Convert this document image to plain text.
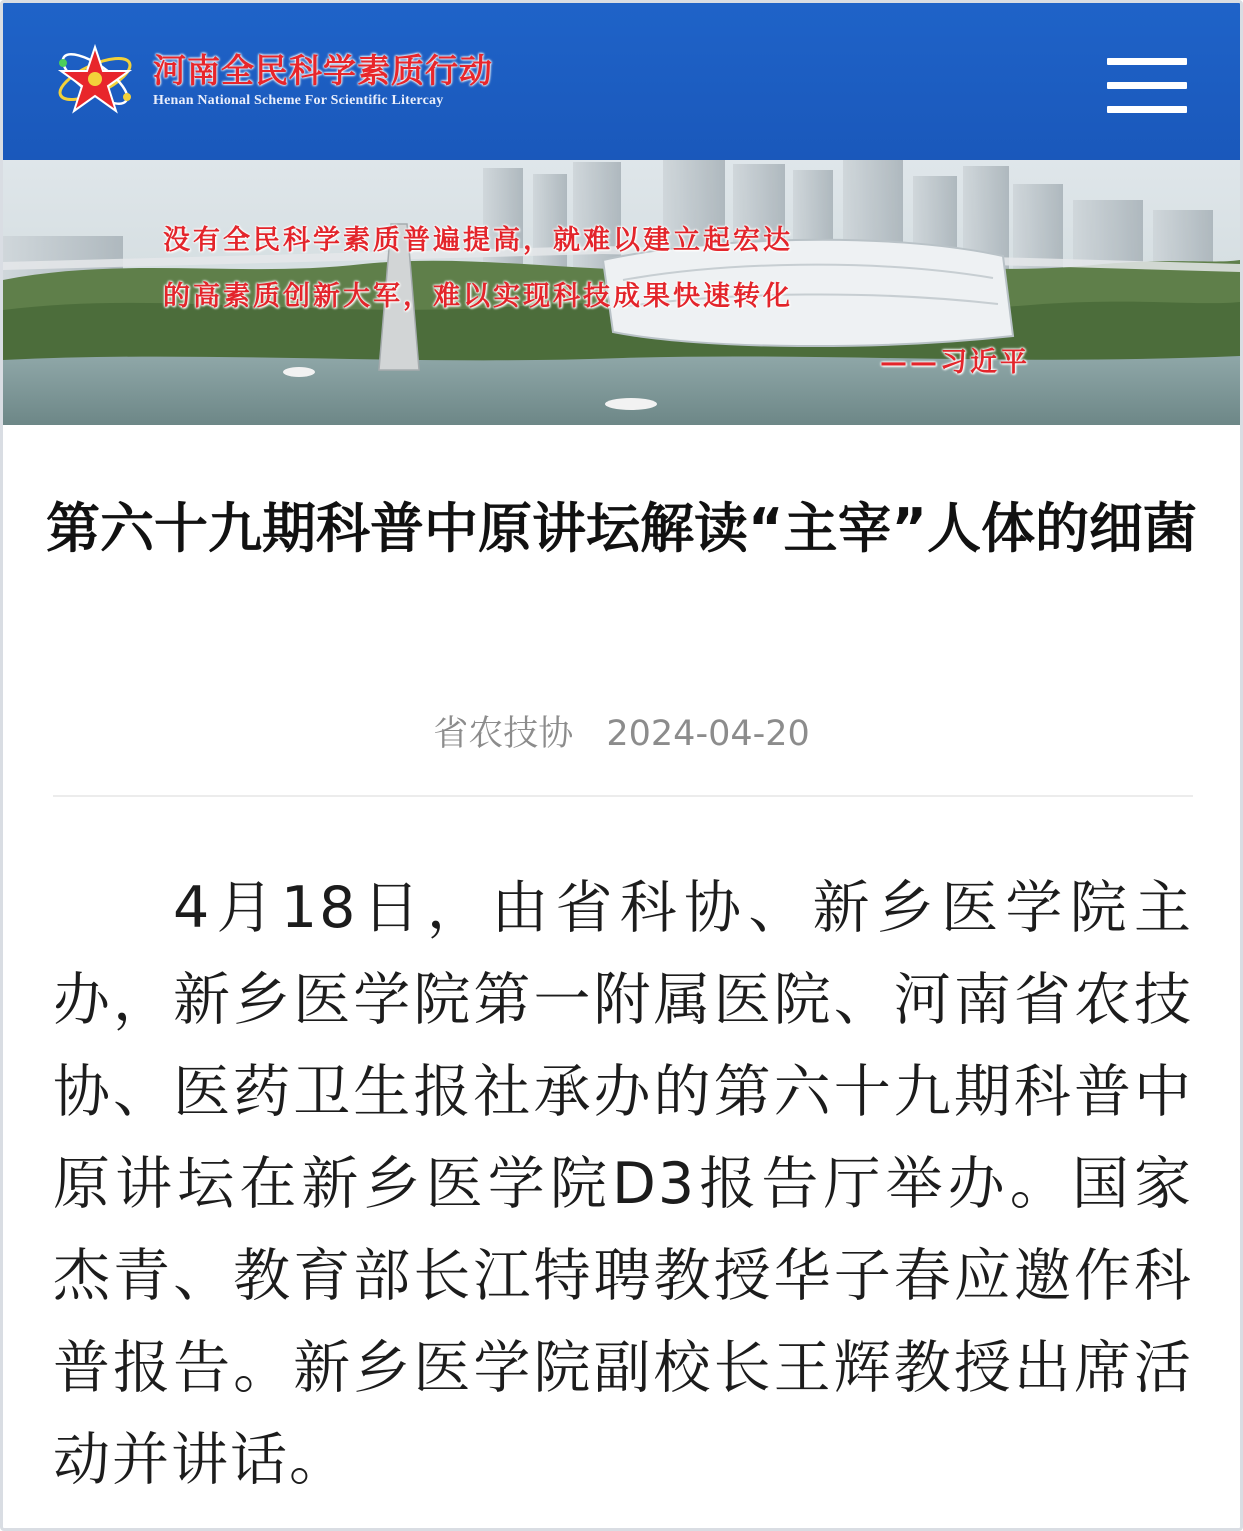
河南全民科学素质行动
Henan National Scheme For Scientific Litercay
没有全民科学素质普遍提高，就难以建立起宏达
的高素质创新大军，难以实现科技成果快速转化
——习近平
第六十九期科普中原讲坛解读“主宰”人体的细菌
省农技协 2024-04-20

4月18日，由省科协、新乡医学院主办，新乡医学院第一附属医院、河南省农技协、医药卫生报社承办的第六十九期科普中原讲坛在新乡医学院D3报告厅举办。国家杰青、教育部长江特聘教授华子春应邀作科普报告。新乡医学院副校长王辉教授出席活动并讲话。
